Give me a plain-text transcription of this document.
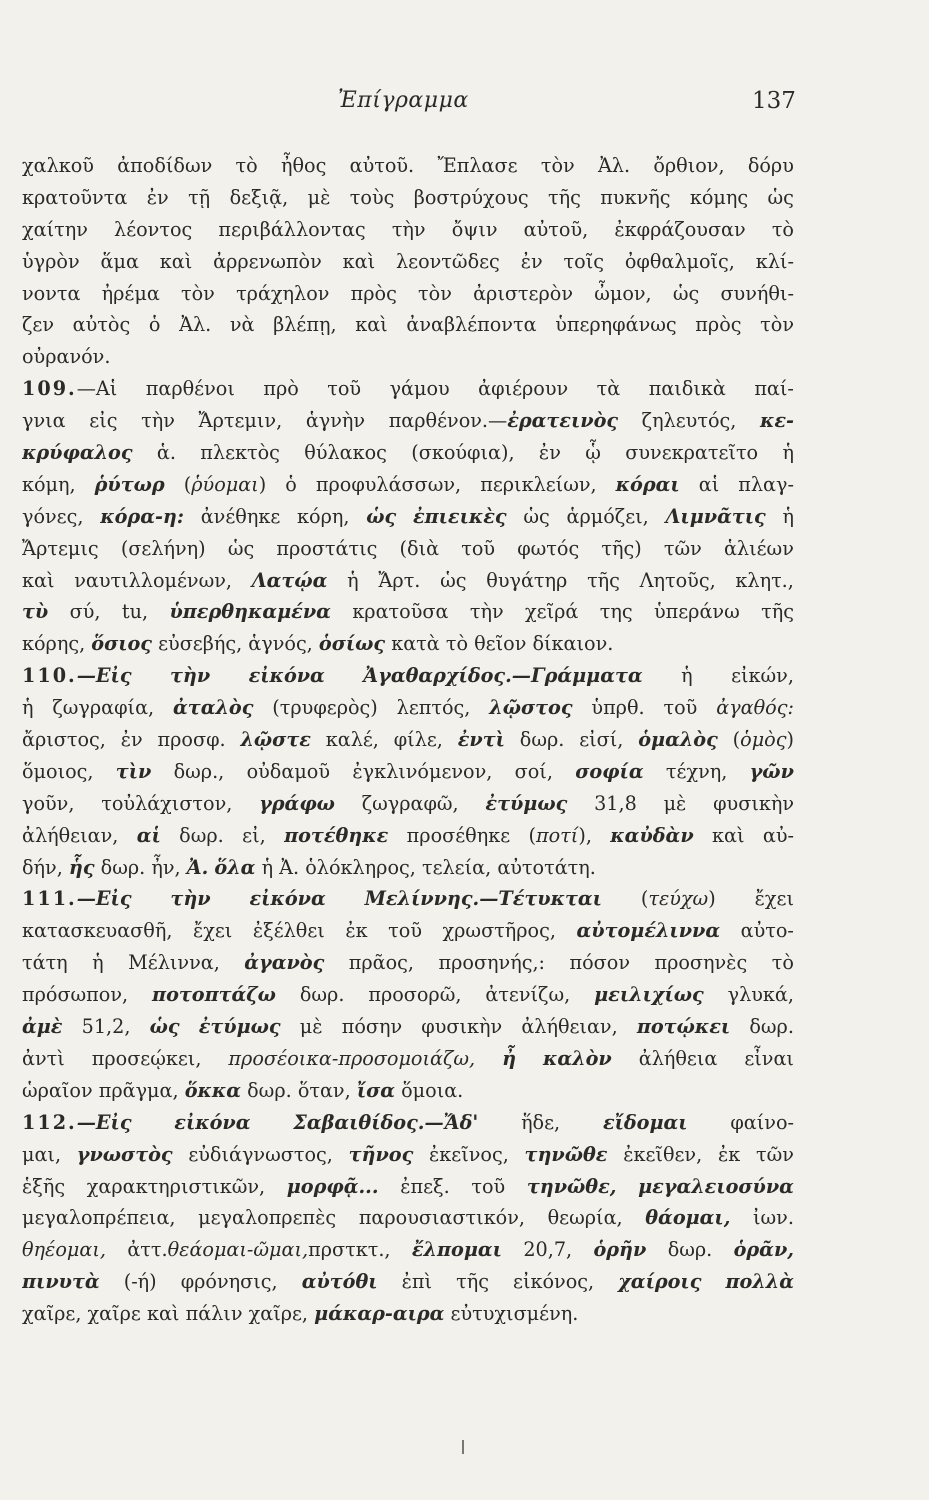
Ἐπίγραμμα	137
χαλκοῦ ἀποδίδων τὸ ἦθος αὐτοῦ. Ἔπλασε τὸν Ἀλ. ὄρθιον, δόρυ
κρατοῦντα ἐν τῇ δεξιᾷ, μὲ τοὺς βοστρύχους τῆς πυκνῆς κόμης ὡς
χαίτην λέοντος περιβάλλοντας τὴν ὄψιν αὐτοῦ, ἐκφράζουσαν τὸ
ὑγρὸν ἅμα καὶ ἀρρενωπὸν καὶ λεοντῶδες ἐν τοῖς ὀφθαλμοῖς, κλί-
νοντα ἠρέμα τὸν τράχηλον πρὸς τὸν ἀριστερὸν ὦμον, ὡς συνήθι-
ζεν αὐτὸς ὁ Ἀλ. νὰ βλέπῃ, καὶ ἀναβλέποντα ὑπερηφάνως πρὸς τὸν
οὐρανόν.
109.—Αἱ παρθένοι πρὸ τοῦ γάμου ἀφιέρουν τὰ παιδικὰ παί-
γνια εἰς τὴν Ἄρτεμιν, ἁγνὴν παρθένον.—ἐρατεινὸς ζηλευτός, κε-
κρύφαλος ἁ. πλεκτὸς θύλακος (σκούφια), ἐν ᾧ συνεκρατεῖτο ἡ
κόμη, ῥύτωρ (ῥύομαι) ὁ προφυλάσσων, περικλείων, κόραι αἱ πλαγ-
γόνες, κόρα-η: ἀνέθηκε κόρη, ὡς ἐπιεικὲς ὡς ἁρμόζει, Λιμνᾶτις ἡ
Ἄρτεμις (σελήνη) ὡς προστάτις (διὰ τοῦ φωτός τῆς) τῶν ἁλιέων
καὶ ναυτιλλομένων, Λατῴα ἡ Ἄρτ. ὡς θυγάτηρ τῆς Λητοῦς, κλητ.,
τὺ σύ, tu, ὑπερθηκαμένα κρατοῦσα τὴν χεῖρά της ὑπεράνω τῆς
κόρης, ὅσιος εὐσεβής, ἁγνός, ὁσίως κατὰ τὸ θεῖον δίκαιον.
110.—Εἰς τὴν εἰκόνα Ἀγαθαρχίδος.—Γράμματα ἡ εἰκών,
ἡ ζωγραφία, ἀταλὸς (τρυφερὸς) λεπτός, λῷστος ὑπρθ. τοῦ ἀγαθός:
ἄριστος, ἐν προσφ. λῷστε καλέ, φίλε, ἐντὶ δωρ. εἰσί, ὁμαλὸς (ὁμὸς)
ὅμοιος, τὶν δωρ., οὐδαμοῦ ἐγκλινόμενον, σοί, σοφία τέχνη, γῶν
γοῦν, τοὐλάχιστον, γράφω ζωγραφῶ, ἐτύμως 31,8 μὲ φυσικὴν
ἀλήθειαν, αἱ δωρ. εἰ, ποτέθηκε προσέθηκε (ποτί), καὐδὰν καὶ αὐ-
δήν, ἧς δωρ. ἦν, Ἀ. ὅλα ἡ Ἀ. ὁλόκληρος, τελεία, αὐτοτάτη.
111.—Εἰς τὴν εἰκόνα Μελίννης.—Τέτυκται (τεύχω) ἔχει
κατασκευασθῆ, ἔχει ἐξέλθει ἐκ τοῦ χρωστῆρος, αὐτομέλιννα αὐτο-
τάτη ἡ Μέλιννα, ἀγανὸς πρᾶος, προσηνής,: πόσον προσηνὲς τὸ
πρόσωπον, ποτοπτάζω δωρ. προσορῶ, ἀτενίζω, μειλιχίως γλυκά,
ἀμὲ 51,2, ὡς ἐτύμως μὲ πόσην φυσικὴν ἀλήθειαν, ποτῴκει δωρ.
ἀντὶ προσεῴκει, προσέοικα-προσομοιάζω, ἦ καλὸν ἀλήθεια εἶναι
ὡραῖον πρᾶγμα, ὅκκα δωρ. ὅταν, ἴσα ὅμοια.
112.—Εἰς εἰκόνα Σαβαιθίδος.—Ἄδ' ἥδε, εἴδομαι φαίνο-
μαι, γνωστὸς εὐδιάγνωστος, τῆνος ἐκεῖνος, τηνῶθε ἐκεῖθεν, ἐκ τῶν
ἑξῆς χαρακτηριστικῶν, μορφᾷ... ἐπεξ. τοῦ τηνῶθε, μεγαλειοσύνα
μεγαλοπρέπεια, μεγαλοπρεπὲς παρουσιαστικόν, θεωρία, θάομαι, ἰων.
θηέομαι, ἀττ.θεάομαι-ῶμαι,πρστκτ., ἔλπομαι 20,7, ὁρῆν δωρ. ὁρᾶν,
πινυτὰ (-ή) φρόνησις, αὐτόθι ἐπὶ τῆς εἰκόνος, χαίροις πολλὰ
χαῖρε, χαῖρε καὶ πάλιν χαῖρε, μάκαρ-αιρα εὐτυχισμένη.
